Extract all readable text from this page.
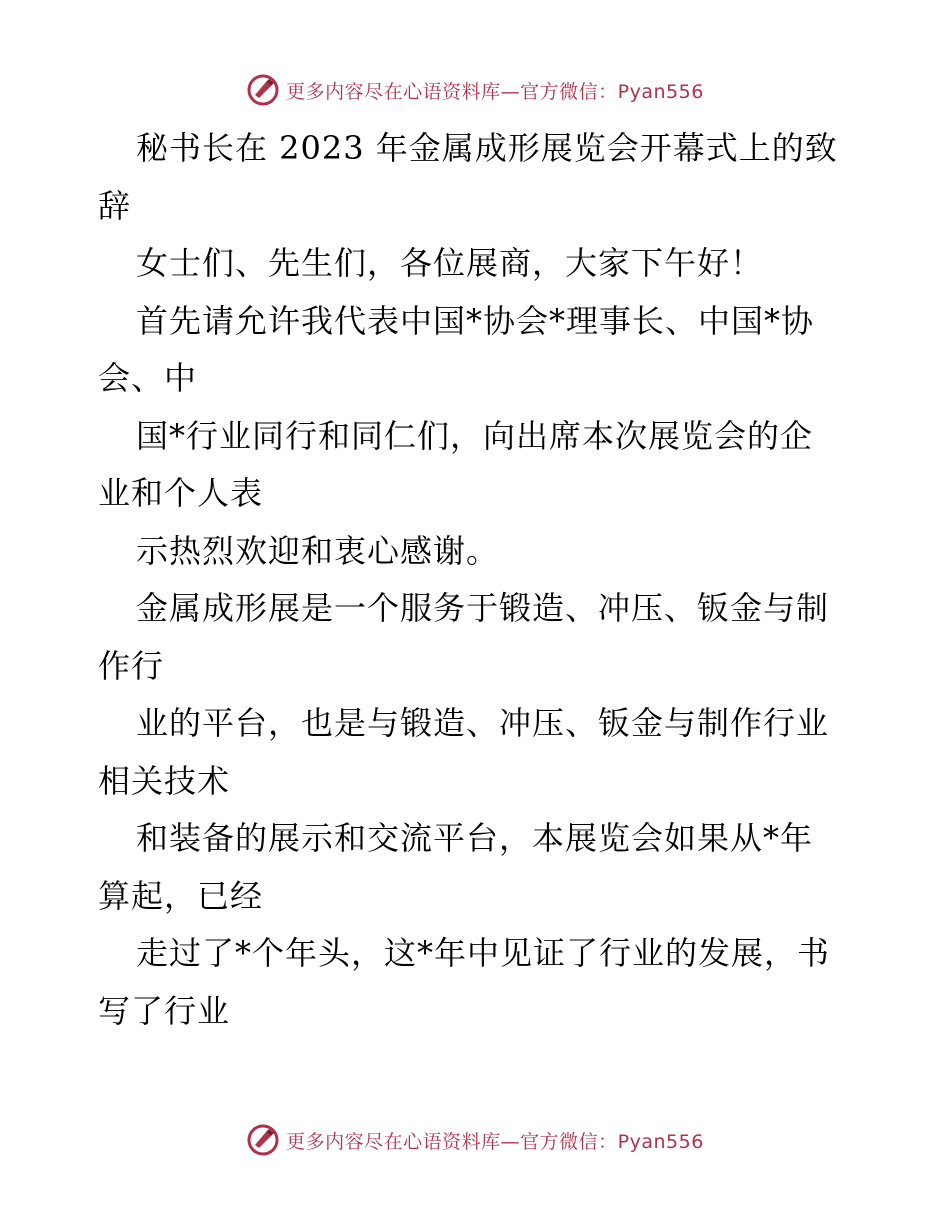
更多内容尽在心语资料库—官方微信：Pyan556
秘书长在 2023 年金属成形展览会开幕式上的致
辞
女士们、先生们，各位展商，大家下午好！
首先请允许我代表中国*协会*理事长、中国*协
会、中
国*行业同行和同仁们，向出席本次展览会的企
业和个人表
示热烈欢迎和衷心感谢。
金属成形展是一个服务于锻造、冲压、钣金与制
作行
业的平台，也是与锻造、冲压、钣金与制作行业
相关技术
和装备的展示和交流平台，本展览会如果从*年
算起，已经
走过了*个年头，这*年中见证了行业的发展，书
写了行业
更多内容尽在心语资料库—官方微信：Pyan556
